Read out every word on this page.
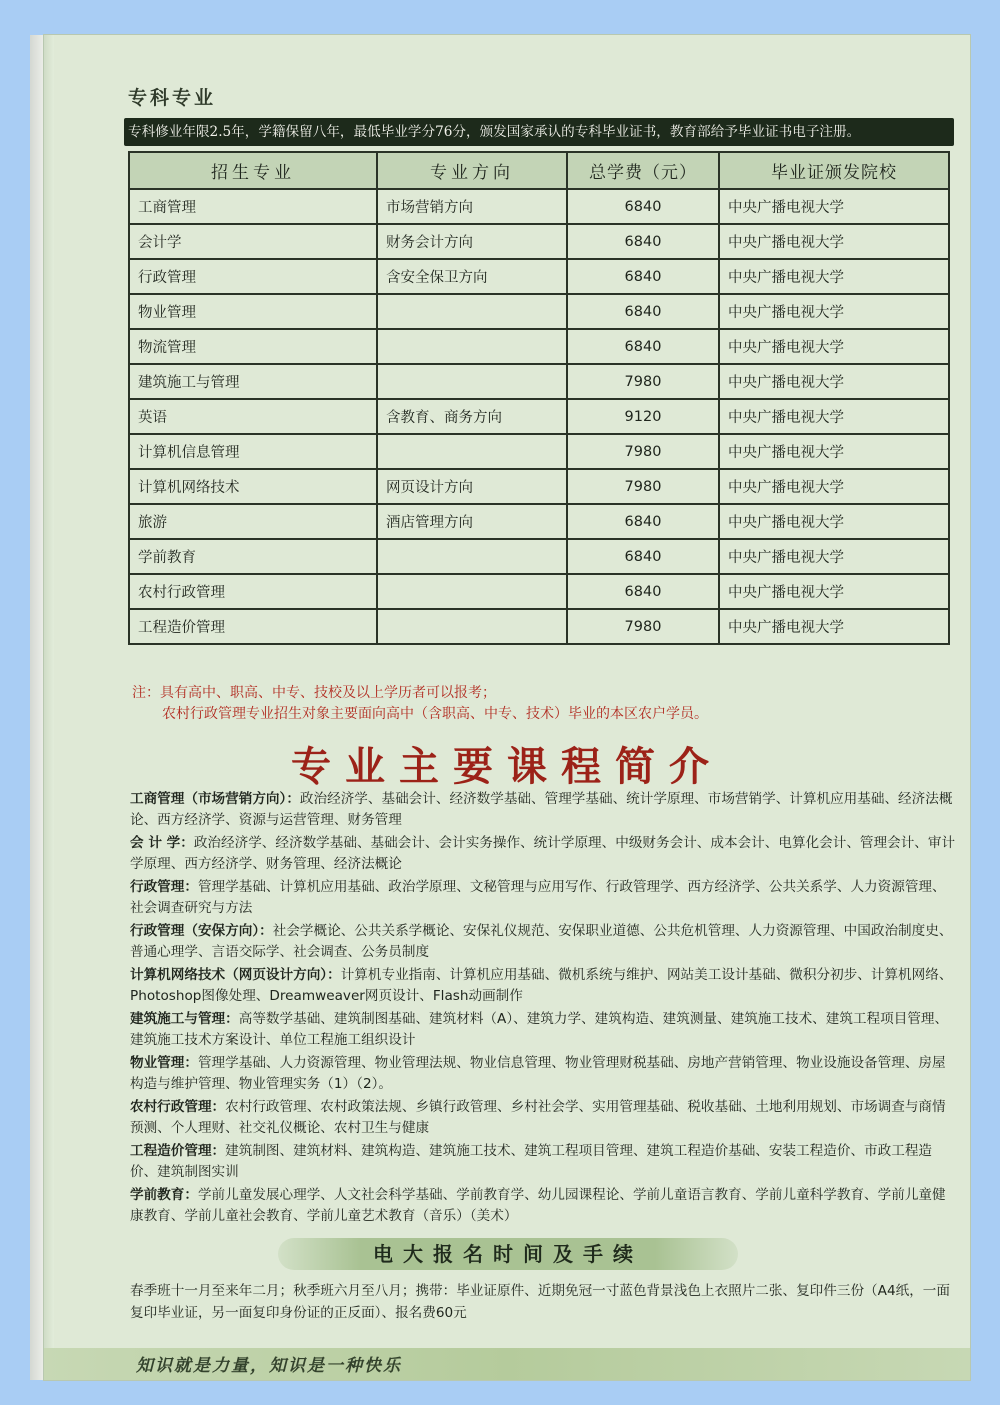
专科专业
专科修业年限2.5年，学籍保留八年，最低毕业学分76分，颁发国家承认的专科毕业证书，教育部给予毕业证书电子注册。
招生专业	专业方向	总学费（元）	毕业证颁发院校
工商管理	市场营销方向	6840	中央广播电视大学
会计学	财务会计方向	6840	中央广播电视大学
行政管理	含安全保卫方向	6840	中央广播电视大学
物业管理		6840	中央广播电视大学
物流管理		6840	中央广播电视大学
建筑施工与管理		7980	中央广播电视大学
英语	含教育、商务方向	9120	中央广播电视大学
计算机信息管理		7980	中央广播电视大学
计算机网络技术	网页设计方向	7980	中央广播电视大学
旅游	酒店管理方向	6840	中央广播电视大学
学前教育		6840	中央广播电视大学
农村行政管理		6840	中央广播电视大学
工程造价管理		7980	中央广播电视大学
注：具有高中、职高、中专、技校及以上学历者可以报考；
农村行政管理专业招生对象主要面向高中（含职高、中专、技术）毕业的本区农户学员。
专业主要课程简介
工商管理（市场营销方向）：政治经济学、基础会计、经济数学基础、管理学基础、统计学原理、市场营销学、计算机应用基础、经济法概论、西方经济学、资源与运营管理、财务管理
会 计 学：政治经济学、经济数学基础、基础会计、会计实务操作、统计学原理、中级财务会计、成本会计、电算化会计、管理会计、审计学原理、西方经济学、财务管理、经济法概论
行政管理：管理学基础、计算机应用基础、政治学原理、文秘管理与应用写作、行政管理学、西方经济学、公共关系学、人力资源管理、社会调查研究与方法
行政管理（安保方向）：社会学概论、公共关系学概论、安保礼仪规范、安保职业道德、公共危机管理、人力资源管理、中国政治制度史、普通心理学、言语交际学、社会调查、公务员制度
计算机网络技术（网页设计方向）：计算机专业指南、计算机应用基础、微机系统与维护、网站美工设计基础、微积分初步、计算机网络、Photoshop图像处理、Dreamweaver网页设计、Flash动画制作
建筑施工与管理：高等数学基础、建筑制图基础、建筑材料（A）、建筑力学、建筑构造、建筑测量、建筑施工技术、建筑工程项目管理、建筑施工技术方案设计、单位工程施工组织设计
物业管理：管理学基础、人力资源管理、物业管理法规、物业信息管理、物业管理财税基础、房地产营销管理、物业设施设备管理、房屋构造与维护管理、物业管理实务（1）（2）。
农村行政管理：农村行政管理、农村政策法规、乡镇行政管理、乡村社会学、实用管理基础、税收基础、土地利用规划、市场调查与商情预测、个人理财、社交礼仪概论、农村卫生与健康
工程造价管理：建筑制图、建筑材料、建筑构造、建筑施工技术、建筑工程项目管理、建筑工程造价基础、安装工程造价、市政工程造价、建筑制图实训
学前教育：学前儿童发展心理学、人文社会科学基础、学前教育学、幼儿园课程论、学前儿童语言教育、学前儿童科学教育、学前儿童健康教育、学前儿童社会教育、学前儿童艺术教育（音乐）（美术）
电大报名时间及手续
春季班十一月至来年二月；秋季班六月至八月；携带：毕业证原件、近期免冠一寸蓝色背景浅色上衣照片二张、复印件三份（A4纸，一面复印毕业证，另一面复印身份证的正反面）、报名费60元
知识就是力量，知识是一种快乐
